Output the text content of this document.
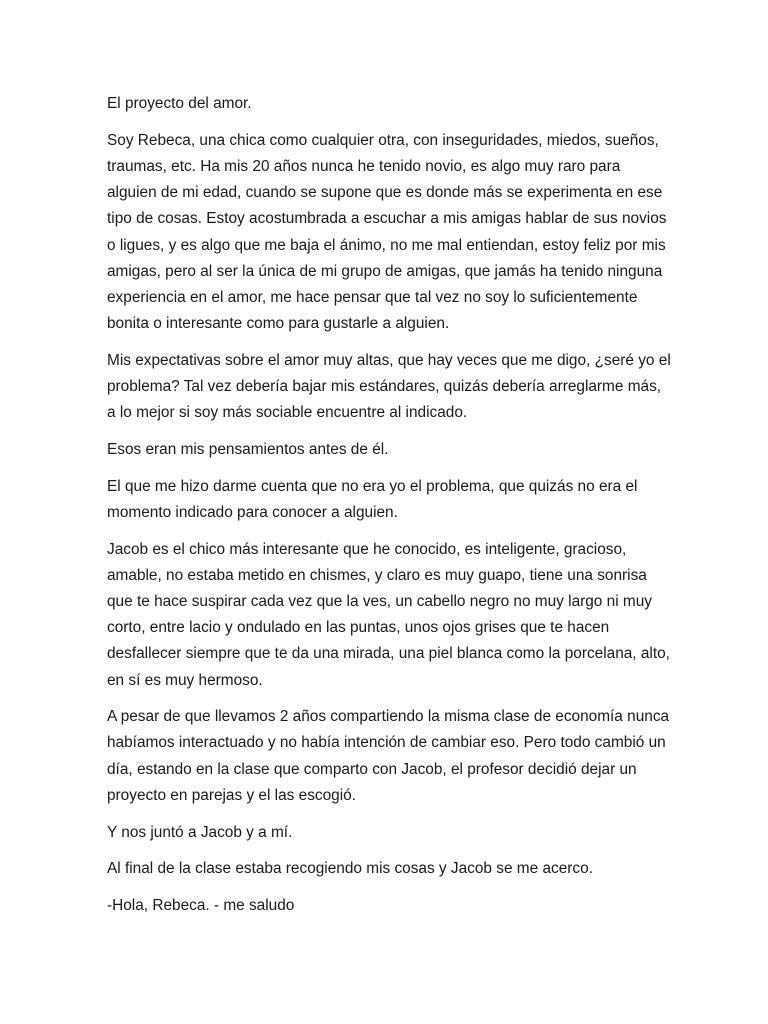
El proyecto del amor.

Soy Rebeca, una chica como cualquier otra, con inseguridades, miedos, sueños,
traumas, etc. Ha mis 20 años nunca he tenido novio, es algo muy raro para
alguien de mi edad, cuando se supone que es donde más se experimenta en ese
tipo de cosas. Estoy acostumbrada a escuchar a mis amigas hablar de sus novios
o ligues, y es algo que me baja el ánimo, no me mal entiendan, estoy feliz por mis
amigas, pero al ser la única de mi grupo de amigas, que jamás ha tenido ninguna
experiencia en el amor, me hace pensar que tal vez no soy lo suficientemente
bonita o interesante como para gustarle a alguien.

Mis expectativas sobre el amor muy altas, que hay veces que me digo, ¿seré yo el
problema? Tal vez debería bajar mis estándares, quizás debería arreglarme más,
a lo mejor si soy más sociable encuentre al indicado.

Esos eran mis pensamientos antes de él.

El que me hizo darme cuenta que no era yo el problema, que quizás no era el
momento indicado para conocer a alguien.

Jacob es el chico más interesante que he conocido, es inteligente, gracioso,
amable, no estaba metido en chismes, y claro es muy guapo, tiene una sonrisa
que te hace suspirar cada vez que la ves, un cabello negro no muy largo ni muy
corto, entre lacio y ondulado en las puntas, unos ojos grises que te hacen
desfallecer siempre que te da una mirada, una piel blanca como la porcelana, alto,
en sí es muy hermoso.

A pesar de que llevamos 2 años compartiendo la misma clase de economía nunca
habíamos interactuado y no había intención de cambiar eso. Pero todo cambió un
día, estando en la clase que comparto con Jacob, el profesor decidió dejar un
proyecto en parejas y el las escogió.

Y nos juntó a Jacob y a mí.

Al final de la clase estaba recogiendo mis cosas y Jacob se me acerco.

-Hola, Rebeca. - me saludo
